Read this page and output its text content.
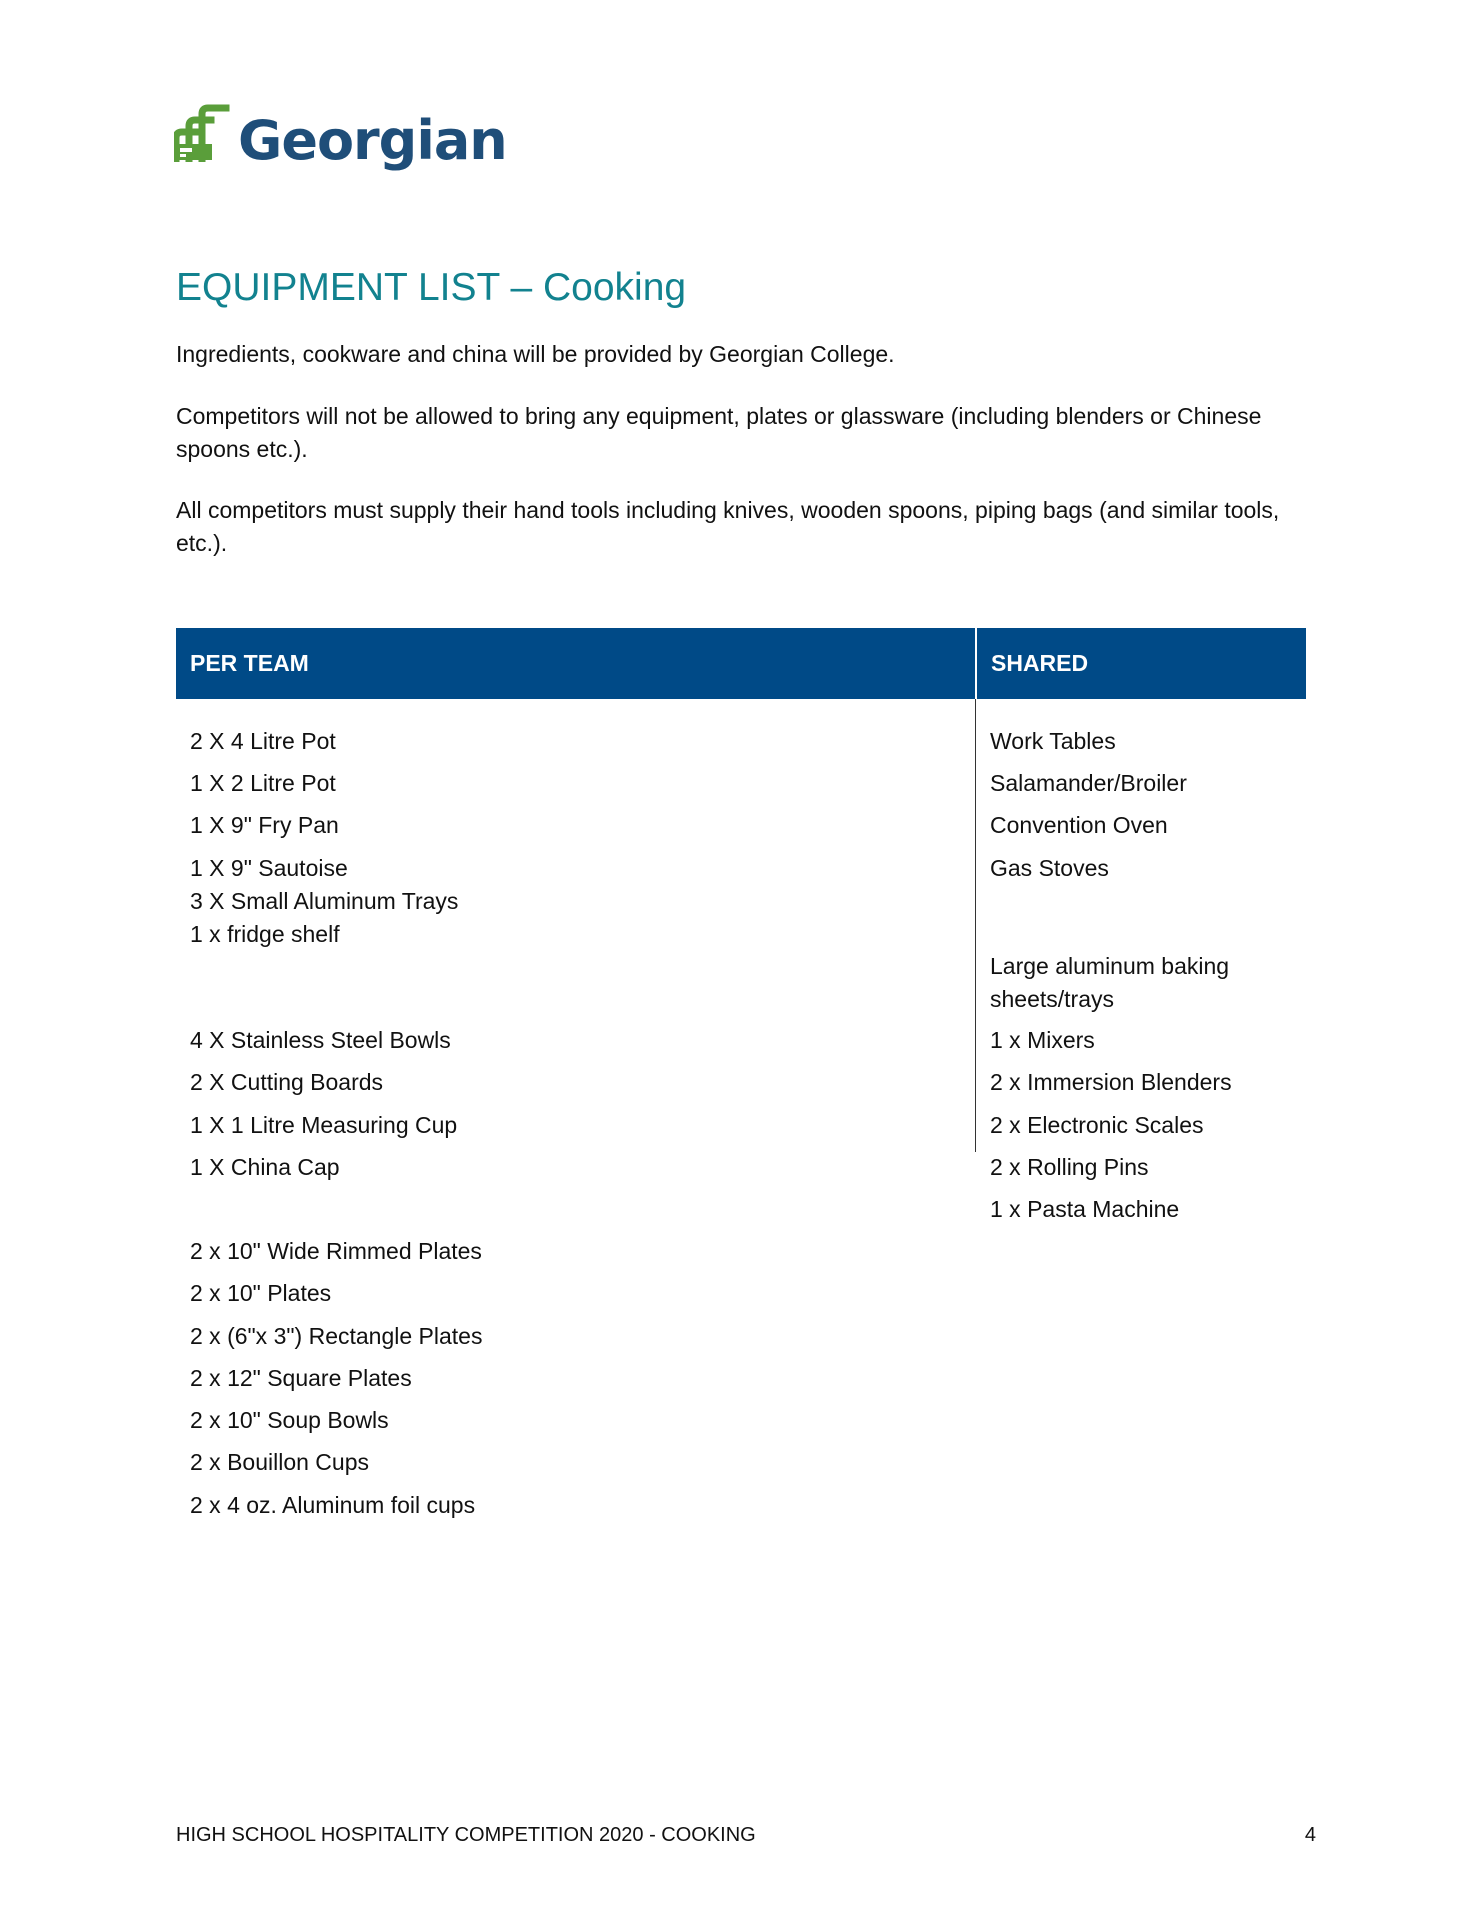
Georgian
EQUIPMENT LIST – Cooking

Ingredients, cookware and china will be provided by Georgian College.

Competitors will not be allowed to bring any equipment, plates or glassware (including blenders or Chinese spoons etc.).

All competitors must supply their hand tools including knives, wooden spoons, piping bags (and similar tools, etc.).

PER TEAM	SHARED
2 X 4 Litre Pot
1 X 2 Litre Pot
1 X 9" Fry Pan
1 X 9" Sautoise
3 X Small Aluminum Trays
1 x fridge shelf
4 X Stainless Steel Bowls
2 X Cutting Boards
1 X 1 Litre Measuring Cup
1 X China Cap
2 x 10" Wide Rimmed Plates
2 x 10" Plates
2 x (6"x 3") Rectangle Plates
2 x 12" Square Plates
2 x 10" Soup Bowls
2 x Bouillon Cups
2 x 4 oz. Aluminum foil cups
Work Tables
Salamander/Broiler
Convention Oven
Gas Stoves
Large aluminum baking sheets/trays
1 x Mixers
2 x Immersion Blenders
2 x Electronic Scales
2 x Rolling Pins
1 x Pasta Machine
HIGH SCHOOL HOSPITALITY COMPETITION 2020 - COOKING	4
